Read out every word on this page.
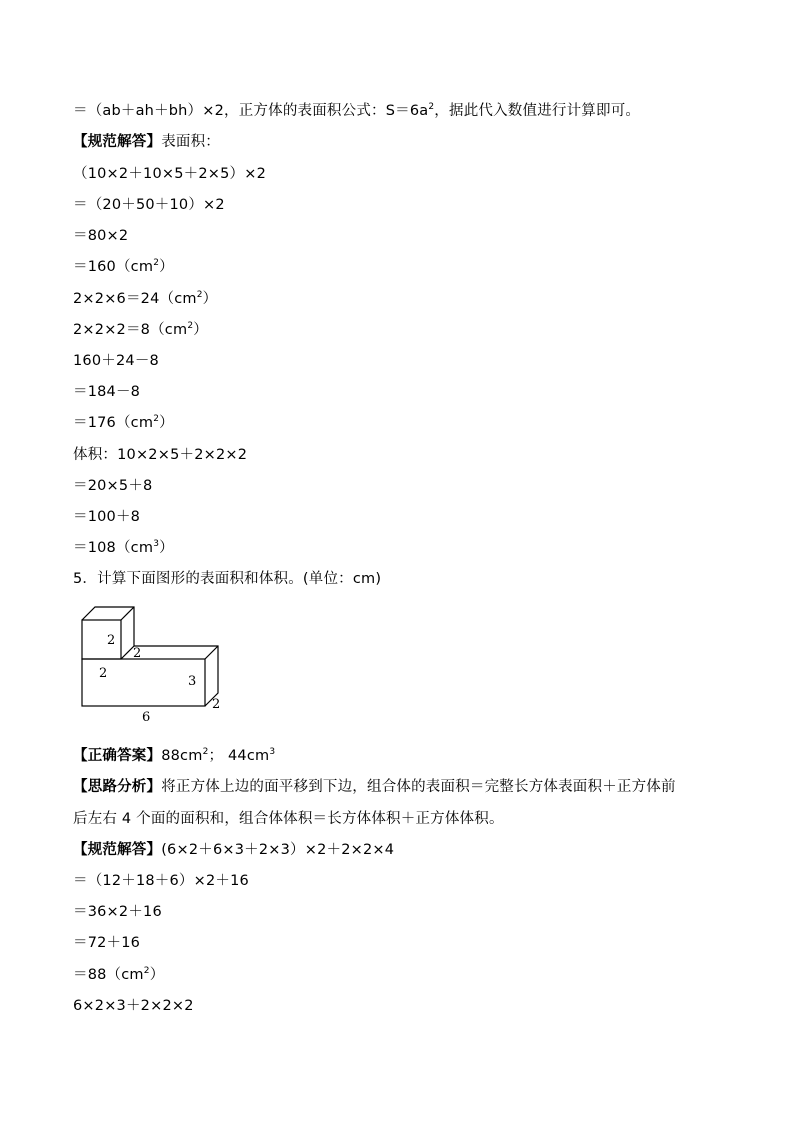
＝（ab＋ah＋bh）×2，正方体的表面积公式：$S=6a^2$，据此代入数值进行计算即可。
【规范解答】表面积：
（10×2＋10×5＋2×5）×2
＝（20＋50＋10）×2
＝80×2
$=160(cm^2)$
$2\times 2\times 6=24(cm^2)$
$2\times 2\times 2=8(cm^2)$
160＋24－8
＝184－8
$=176(cm^2)$
体积：10×2×5＋2×2×2
＝20×5＋8
＝100＋8
$=108(cm^3)$
5．计算下面图形的表面积和体积。(单位：cm)
2
2
2
3
2
6
【正确答案】$88cm^2$； $44cm^3$
【思路分析】将正方体上边的面平移到下边，组合体的表面积＝完整长方体表面积＋正方体前
后左右 4 个面的面积和，组合体体积＝长方体体积＋正方体体积。
【规范解答】(6×2＋6×3＋2×3）×2＋2×2×4
＝（12＋18＋6）×2＋16
＝36×2＋16
＝72＋16
$=88(cm^2)$
6×2×3＋2×2×2
